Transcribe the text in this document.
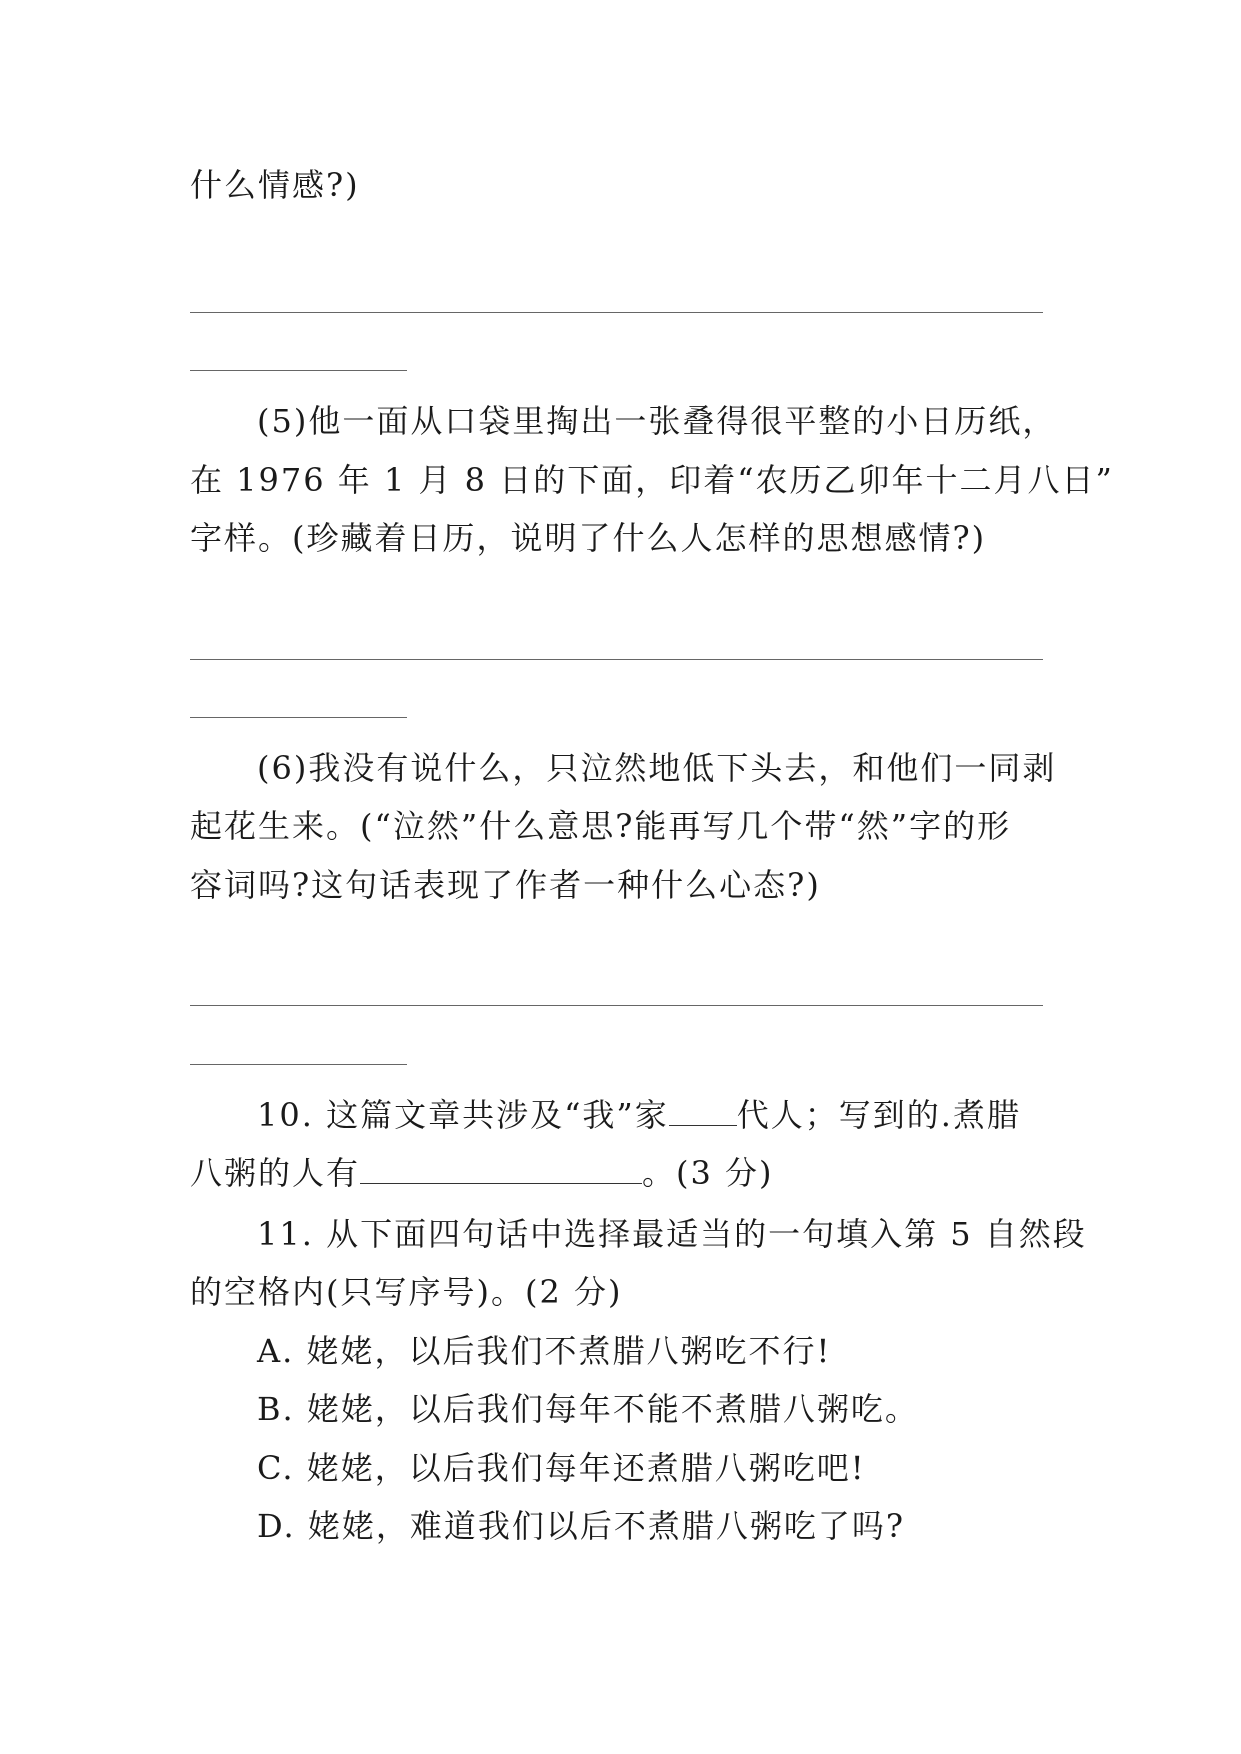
什么情感?)
(5)他一面从口袋里掏出一张叠得很平整的小日历纸，
在 1976 年 1 月 8 日的下面，印着“农历乙卯年十二月八日”
字样。(珍藏着日历，说明了什么人怎样的思想感情?)
(6)我没有说什么，只泣然地低下头去，和他们一同剥
起花生来。(“泣然”什么意思?能再写几个带“然”字的形
容词吗?这句话表现了作者一种什么心态?)
10. 这篇文章共涉及“我”家 代人；写到的.煮腊
八粥的人有	。(3 分)
11. 从下面四句话中选择最适当的一句填入第 5 自然段
的空格内(只写序号)。(2 分)
A. 姥姥，以后我们不煮腊八粥吃不行!
B. 姥姥，以后我们每年不能不煮腊八粥吃。
C. 姥姥，以后我们每年还煮腊八粥吃吧!
D. 姥姥，难道我们以后不煮腊八粥吃了吗?
